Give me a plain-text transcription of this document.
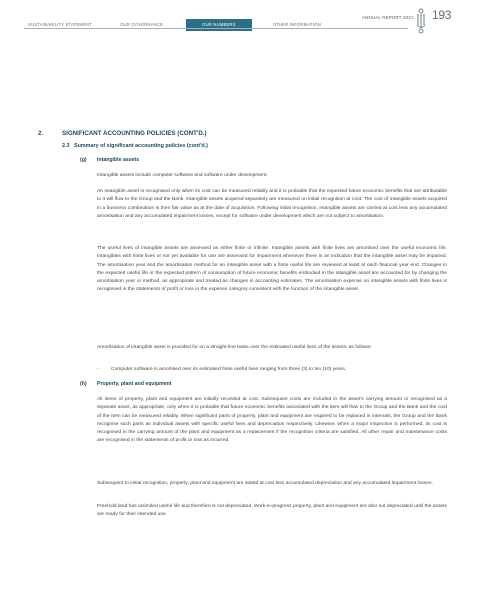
SUSTAINABILITY STATEMENT	OUR GOVERNANCE	OUR NUMBERS	OTHER INFORMATION
ANNUAL REPORT 2021 193
2.	SIGNIFICANT ACCOUNTING POLICIES (CONT'D.)
2.3 Summary of significant accounting policies (cont'd.)
(g) Intangible assets

Intangible assets include computer software and software under development.

An intangible asset is recognised only when its cost can be measured reliably and it is probable that the expected future economic benefits that are attributable to it will flow to the Group and the Bank. Intangible assets acquired separately are measured on initial recognition at cost. The cost of intangible assets acquired in a business combination is their fair value as at the date of acquisition. Following initial recognition, intangible assets are carried at cost less any accumulated amortisation and any accumulated impairment losses, except for software under development which are not subject to amortisation.

The useful lives of intangible assets are assessed as either finite or infinite. Intangible assets with finite lives are amortised over the useful economic life. Intangibles with finite lives or not yet available for use are assessed for impairment whenever there is an indication that the intangible asset may be impaired. The amortisation year and the amortisation method for an intangible asset with a finite useful life are reviewed at least at each financial year end. Changes in the expected useful life or the expected pattern of consumption of future economic benefits embodied in the intangible asset are accounted for by changing the amortisation year or method, as appropriate and treated as changes in accounting estimates. The amortisation expense on intangible assets with finite lives is recognised in the statements of profit or loss in the expense category consistent with the function of the intangible asset.

Amortisation of intangible asset is provided for on a straight-line basis over the estimated useful lives of the assets, as follows:

- Computer software is amortised over its estimated finite useful lives ranging from three (3) to ten (10) years.
(h) Property, plant and equipment

All items of property, plant and equipment are initially recorded at cost. Subsequent costs are included in the asset's carrying amount or recognised as a separate asset, as appropriate, only when it is probable that future economic benefits associated with the item will flow to the Group and the Bank and the cost of the item can be measured reliably. When significant parts of property, plant and equipment are required to be replaced in intervals, the Group and the Bank recognise such parts as individual assets with specific useful lives and depreciation respectively. Likewise, when a major inspection is performed, its cost is recognised in the carrying amount of the plant and equipment as a replacement if the recognition criteria are satisfied. All other repair and maintenance costs are recognised in the statements of profit or loss as incurred.

Subsequent to initial recognition, property, plant and equipment are stated at cost less accumulated depreciation and any accumulated impairment losses.

Freehold land has unlimited useful life and therefore is not depreciated. Work-in-progress property, plant and equipment are also not depreciated until the assets are ready for their intended use.
